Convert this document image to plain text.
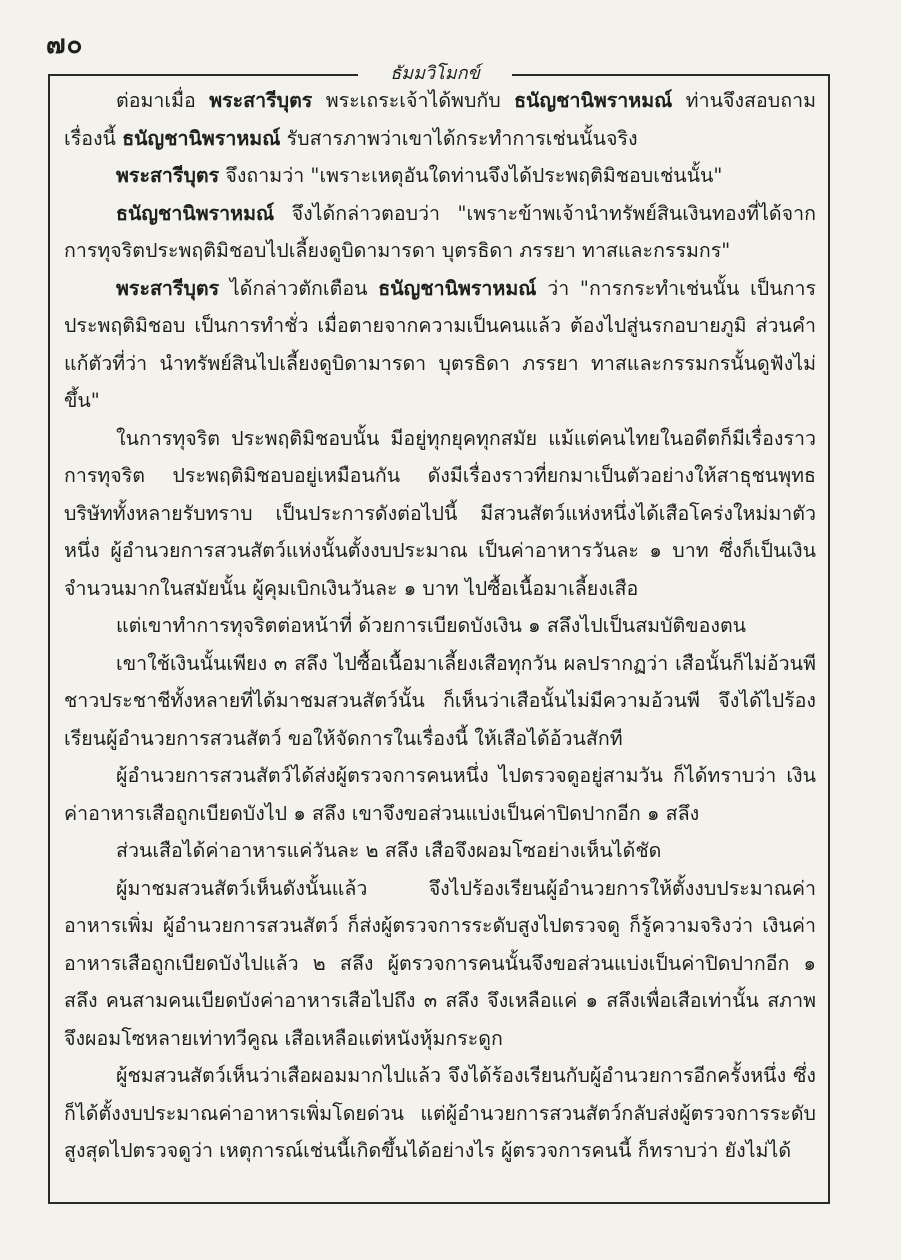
๗๐
ธัมมวิโมกข์

ต่อมาเมื่อ พระสารีบุตร พระเถระเจ้าได้พบกับ ธนัญชานิพราหมณ์ ท่านจึงสอบถามเรื่องนี้ ธนัญชานิพราหมณ์ รับสารภาพว่าเขาได้กระทำการเช่นนั้นจริง

พระสารีบุตร จึงถามว่า "เพราะเหตุอันใดท่านจึงได้ประพฤติมิชอบเช่นนั้น"

ธนัญชานิพราหมณ์ จึงได้กล่าวตอบว่า "เพราะข้าพเจ้านำทรัพย์สินเงินทองที่ได้จากการทุจริตประพฤติมิชอบไปเลี้ยงดูบิดามารดา บุตรธิดา ภรรยา ทาสและกรรมกร"

พระสารีบุตร ได้กล่าวตักเตือน ธนัญชานิพราหมณ์ ว่า "การกระทำเช่นนั้น เป็นการประพฤติมิชอบ เป็นการทำชั่ว เมื่อตายจากความเป็นคนแล้ว ต้องไปสู่นรกอบายภูมิ ส่วนคำแก้ตัวที่ว่า นำทรัพย์สินไปเลี้ยงดูบิดามารดา บุตรธิดา ภรรยา ทาสและกรรมกรนั้นดูฟังไม่ขึ้น"

ในการทุจริต ประพฤติมิชอบนั้น มีอยู่ทุกยุคทุกสมัย แม้แต่คนไทยในอดีตก็มีเรื่องราวการทุจริต ประพฤติมิชอบอยู่เหมือนกัน ดังมีเรื่องราวที่ยกมาเป็นตัวอย่างให้สาธุชนพุทธบริษัททั้งหลายรับทราบ เป็นประการดังต่อไปนี้ มีสวนสัตว์แห่งหนึ่งได้เสือโคร่งใหม่มาตัวหนึ่ง ผู้อำนวยการสวนสัตว์แห่งนั้นตั้งงบประมาณ เป็นค่าอาหารวันละ ๑ บาท ซึ่งก็เป็นเงินจำนวนมากในสมัยนั้น ผู้คุมเบิกเงินวันละ ๑ บาท ไปซื้อเนื้อมาเลี้ยงเสือ

แต่เขาทำการทุจริตต่อหน้าที่ ด้วยการเบียดบังเงิน ๑ สลึงไปเป็นสมบัติของตน

เขาใช้เงินนั้นเพียง ๓ สลึง ไปซื้อเนื้อมาเลี้ยงเสือทุกวัน ผลปรากฏว่า เสือนั้นก็ไม่อ้วนพี ชาวประชาชีทั้งหลายที่ได้มาชมสวนสัตว์นั้น ก็เห็นว่าเสือนั้นไม่มีความอ้วนพี จึงได้ไปร้องเรียนผู้อำนวยการสวนสัตว์ ขอให้จัดการในเรื่องนี้ ให้เสือได้อ้วนสักที

ผู้อำนวยการสวนสัตว์ได้ส่งผู้ตรวจการคนหนึ่ง ไปตรวจดูอยู่สามวัน ก็ได้ทราบว่า เงินค่าอาหารเสือถูกเบียดบังไป ๑ สลึง เขาจึงขอส่วนแบ่งเป็นค่าปิดปากอีก ๑ สลึง

ส่วนเสือได้ค่าอาหารแค่วันละ ๒ สลึง เสือจึงผอมโซอย่างเห็นได้ชัด

ผู้มาชมสวนสัตว์เห็นดังนั้นแล้ว จึงไปร้องเรียนผู้อำนวยการให้ตั้งงบประมาณค่าอาหารเพิ่ม ผู้อำนวยการสวนสัตว์ ก็ส่งผู้ตรวจการระดับสูงไปตรวจดู ก็รู้ความจริงว่า เงินค่าอาหารเสือถูกเบียดบังไปแล้ว ๒ สลึง ผู้ตรวจการคนนั้นจึงขอส่วนแบ่งเป็นค่าปิดปากอีก ๑ สลึง คนสามคนเบียดบังค่าอาหารเสือไปถึง ๓ สลึง จึงเหลือแค่ ๑ สลึงเพื่อเสือเท่านั้น สภาพจึงผอมโซหลายเท่าทวีคูณ เสือเหลือแต่หนังหุ้มกระดูก

ผู้ชมสวนสัตว์เห็นว่าเสือผอมมากไปแล้ว จึงได้ร้องเรียนกับผู้อำนวยการอีกครั้งหนึ่ง ซึ่งก็ได้ตั้งงบประมาณค่าอาหารเพิ่มโดยด่วน แต่ผู้อำนวยการสวนสัตว์กลับส่งผู้ตรวจการระดับสูงสุดไปตรวจดูว่า เหตุการณ์เช่นนี้เกิดขึ้นได้อย่างไร ผู้ตรวจการคนนี้ ก็ทราบว่า ยังไม่ได้
